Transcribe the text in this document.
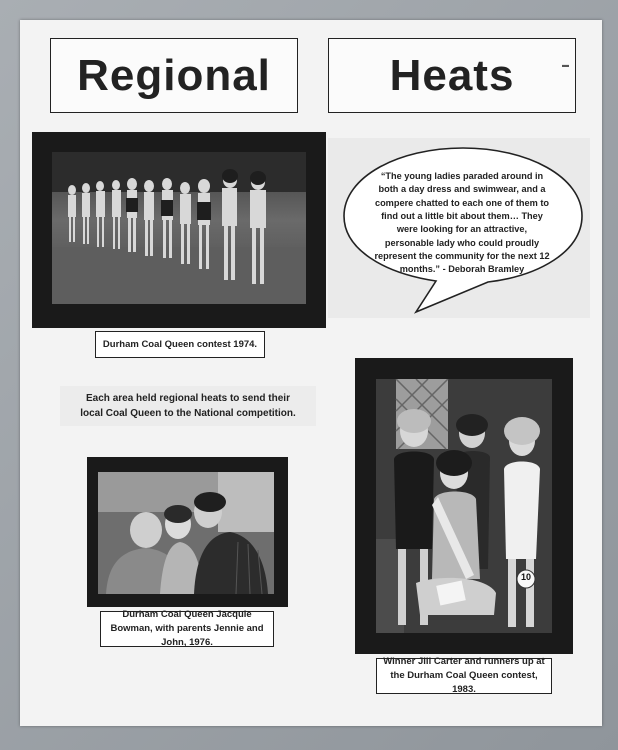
Regional	Heats	▬
Durham Coal Queen contest 1974.
“The young ladies paraded around in both a day dress and swimwear, and a compere chatted to each one of them to find out a little bit about them… They were looking for an attractive, personable lady who could proudly represent the community for the next 12 months.” - Deborah Bramley
Each area held regional heats to send their local Coal Queen to the National competition.
Durham Coal Queen Jacquie Bowman, with parents Jennie and John, 1976.
10
Winner Jill Carter and runners up at the Durham Coal Queen contest, 1983.
